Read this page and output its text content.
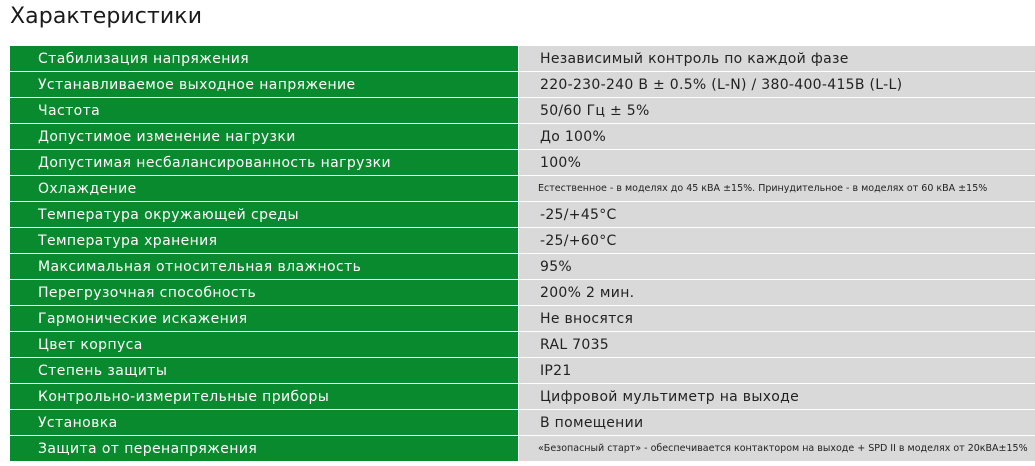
Характеристики
Стабилизация напряжения	Независимый контроль по каждой фазе
Устанавливаемое выходное напряжение	220-230-240 В ± 0.5% (L-N) / 380-400-415В (L-L)
Частота	50/60 Гц ± 5%
Допустимое изменение нагрузки	До 100%
Допустимая несбалансированность нагрузки	100%
Охлаждение	Естественное - в моделях до 45 кВА ±15%. Принудительное - в моделях от 60 кВА ±15%
Температура окружающей среды	-25/+45°С
Температура хранения	-25/+60°С
Максимальная относительная влажность	95%
Перегрузочная способность	200% 2 мин.
Гармонические искажения	Не вносятся
Цвет корпуса	RAL 7035
Степень защиты	IP21
Контрольно-измерительные приборы	Цифровой мультиметр на выходе
Установка	В помещении
Защита от перенапряжения	«Безопасный старт» - обеспечивается контактором на выходе + SPD II в моделях от 20кВА±15%
